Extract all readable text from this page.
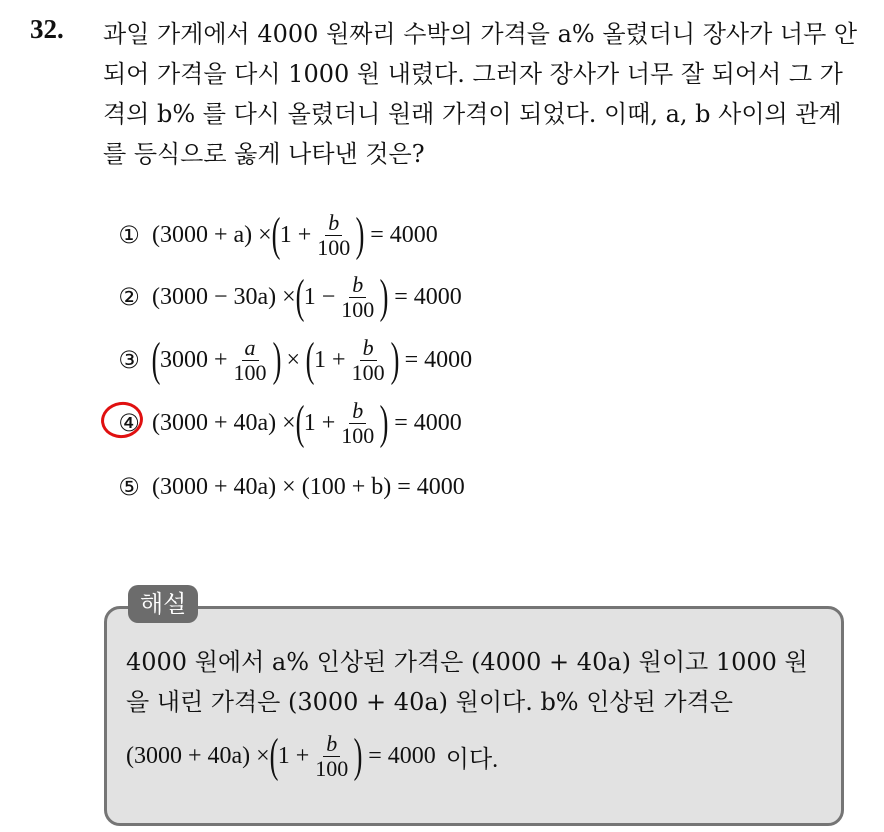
32. 과일 가게에서 4000 원짜리 수박의 가격을 a% 올렸더니 장사가 너무 안 되어 가격을 다시 1000 원 내렸다. 그러자 장사가 너무 잘 되어서 그 가격의 b% 를 다시 올렸더니 원래 가격이 되었다. 이때, a, b 사이의 관계를 등식으로 옳게 나타낸 것은?
① (3000 + a) × ( $1 + \frac{b}{100}$ ) = 4000
② (3000 − 30a) × ( $1 - \frac{b}{100}$ ) = 4000
③ ( $3000 + \frac{a}{100}$ ) × ( $1 + \frac{b}{100}$ ) = 4000
④ (3000 + 40a) × ( $1 + \frac{b}{100}$ ) = 4000
⑤ (3000 + 40a) × (100 + b) = 4000
해설
4000 원에서 a% 인상된 가격은 (4000 + 40a) 원이고 1000 원을 내린 가격은 (3000 + 40a) 원이다. b% 인상된 가격은
(3000 + 40a) × ( $1 + \frac{b}{100}$ ) = 4000 이다.
